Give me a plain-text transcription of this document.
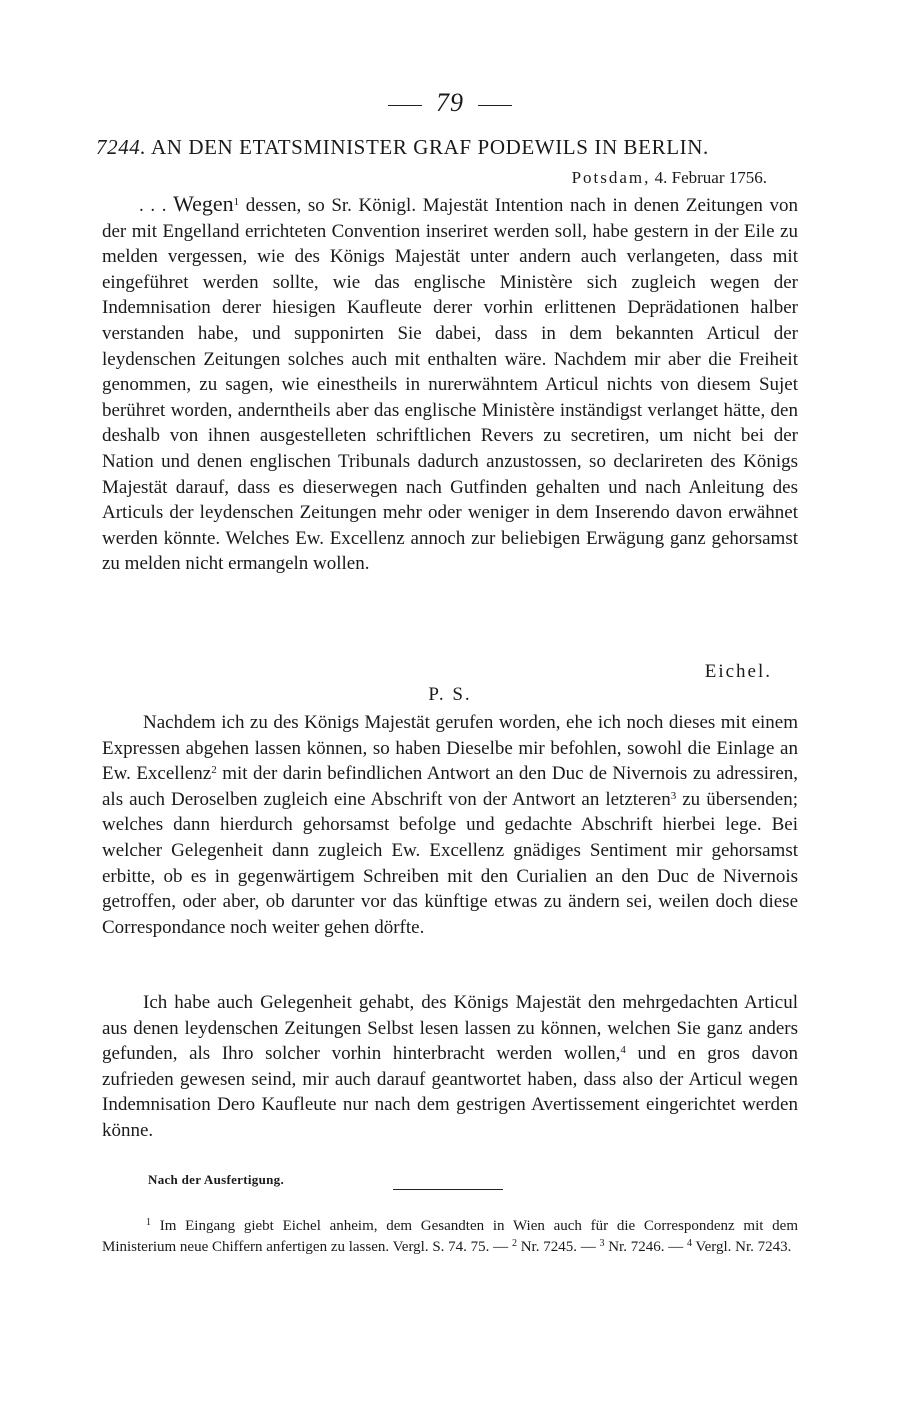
79
7244. AN DEN ETATSMINISTER GRAF PODEWILS IN BERLIN.
Potsdam, 4. Februar 1756.

. . . Wegen$^1$ dessen, so Sr. Königl. Majestät Intention nach in denen Zeitungen von der mit Engelland errichteten Convention inseriret werden soll, habe gestern in der Eile zu melden vergessen, wie des Königs Majestät unter andern auch verlangeten, dass mit eingeführet werden sollte, wie das englische Ministère sich zugleich wegen der Indemnisation derer hiesigen Kaufleute derer vorhin erlittenen Deprädationen halber verstanden habe, und supponirten Sie dabei, dass in dem bekannten Articul der leydenschen Zeitungen solches auch mit enthalten wäre. Nachdem mir aber die Freiheit genommen, zu sagen, wie einestheils in nurerwähntem Articul nichts von diesem Sujet berühret worden, anderntheils aber das englische Ministère inständigst verlanget hätte, den deshalb von ihnen ausgestelleten schriftlichen Revers zu secretiren, um nicht bei der Nation und denen englischen Tribunals dadurch anzustossen, so declarireten des Königs Majestät darauf, dass es dieserwegen nach Gutfinden gehalten und nach Anleitung des Articuls der leydenschen Zeitungen mehr oder weniger in dem Inserendo davon erwähnet werden könnte. Welches Ew. Excellenz annoch zur beliebigen Erwägung ganz gehorsamst zu melden nicht ermangeln wollen.

Eichel.
P. S.

Nachdem ich zu des Königs Majestät gerufen worden, ehe ich noch dieses mit einem Expressen abgehen lassen können, so haben Dieselbe mir befohlen, sowohl die Einlage an Ew. Excellenz$^2$ mit der darin befindlichen Antwort an den Duc de Nivernois zu adressiren, als auch Deroselben zugleich eine Abschrift von der Antwort an letzteren$^3$ zu übersenden; welches dann hierdurch gehorsamst befolge und gedachte Abschrift hierbei lege. Bei welcher Gelegenheit dann zugleich Ew. Excellenz gnädiges Sentiment mir gehorsamst erbitte, ob es in gegenwärtigem Schreiben mit den Curialien an den Duc de Nivernois getroffen, oder aber, ob darunter vor das künftige etwas zu ändern sei, weilen doch diese Correspondance noch weiter gehen dörfte.

Ich habe auch Gelegenheit gehabt, des Königs Majestät den mehrgedachten Articul aus denen leydenschen Zeitungen Selbst lesen lassen zu können, welchen Sie ganz anders gefunden, als Ihro solcher vorhin hinterbracht werden wollen,$^4$ und en gros davon zufrieden gewesen seind, mir auch darauf geantwortet haben, dass also der Articul wegen Indemnisation Dero Kaufleute nur nach dem gestrigen Avertissement eingerichtet werden könne.

Nach der Ausfertigung.

$^1$ Im Eingang giebt Eichel anheim, dem Gesandten in Wien auch für die Correspondenz mit dem Ministerium neue Chiffern anfertigen zu lassen. Vergl. S. 74. 75. — $^2$ Nr. 7245. — $^3$ Nr. 7246. — $^4$ Vergl. Nr. 7243.
